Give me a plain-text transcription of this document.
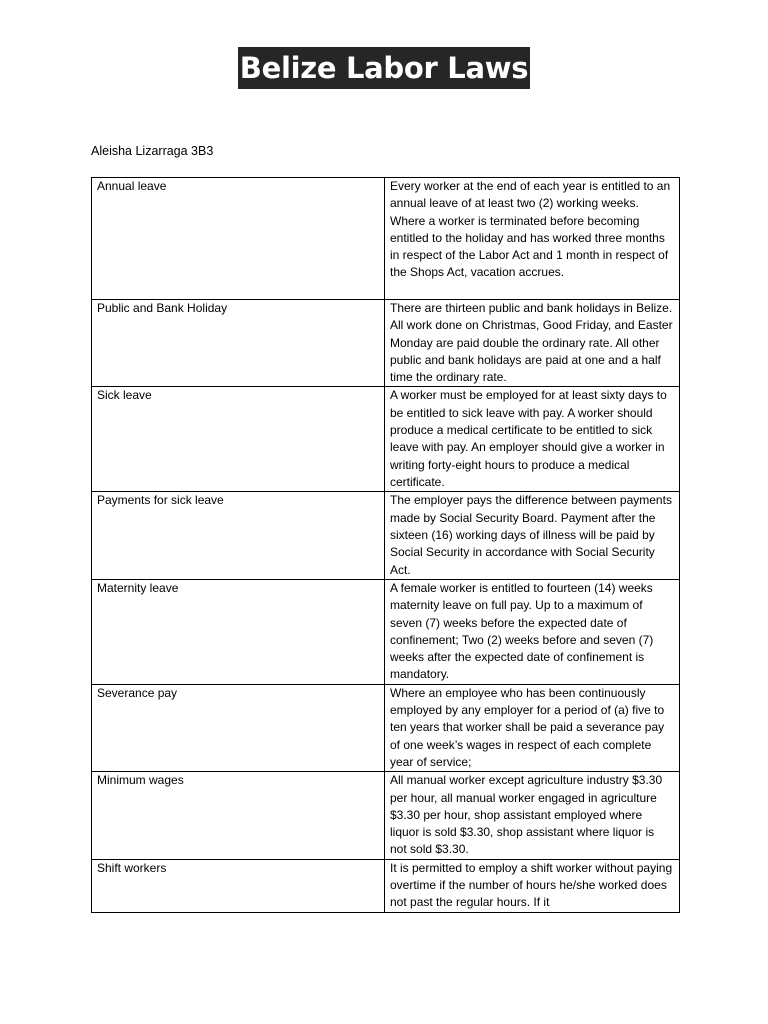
Belize Labor Laws
Aleisha Lizarraga 3B3
Annual leave	Every worker at the end of each year is entitled to an annual leave of at least two (2) working weeks. Where a worker is terminated before becoming entitled to the holiday and has worked three months in respect of the Labor Act and 1 month in respect of the Shops Act, vacation accrues.
Public and Bank Holiday	There are thirteen public and bank holidays in Belize. All work done on Christmas, Good Friday, and Easter Monday are paid double the ordinary rate. All other public and bank holidays are paid at one and a half time the ordinary rate.
Sick leave	A worker must be employed for at least sixty days to be entitled to sick leave with pay. A worker should produce a medical certificate to be entitled to sick leave with pay. An employer should give a worker in writing forty-eight hours to produce a medical certificate.
Payments for sick leave	The employer pays the difference between payments made by Social Security Board. Payment after the sixteen (16) working days of illness will be paid by Social Security in accordance with Social Security Act.
Maternity leave	A female worker is entitled to fourteen (14) weeks maternity leave on full pay. Up to a maximum of seven (7) weeks before the expected date of confinement; Two (2) weeks before and seven (7) weeks after the expected date of confinement is mandatory.
Severance pay	Where an employee who has been continuously employed by any employer for a period of (a) five to ten years that worker shall be paid a severance pay of one week’s wages in respect of each complete year of service;
Minimum wages	All manual worker except agriculture industry $3.30 per hour, all manual worker engaged in agriculture $3.30 per hour, shop assistant employed where liquor is sold $3.30, shop assistant where liquor is not sold $3.30.
Shift workers	It is permitted to employ a shift worker without paying overtime if the number of hours he/she worked does not past the regular hours. If it
